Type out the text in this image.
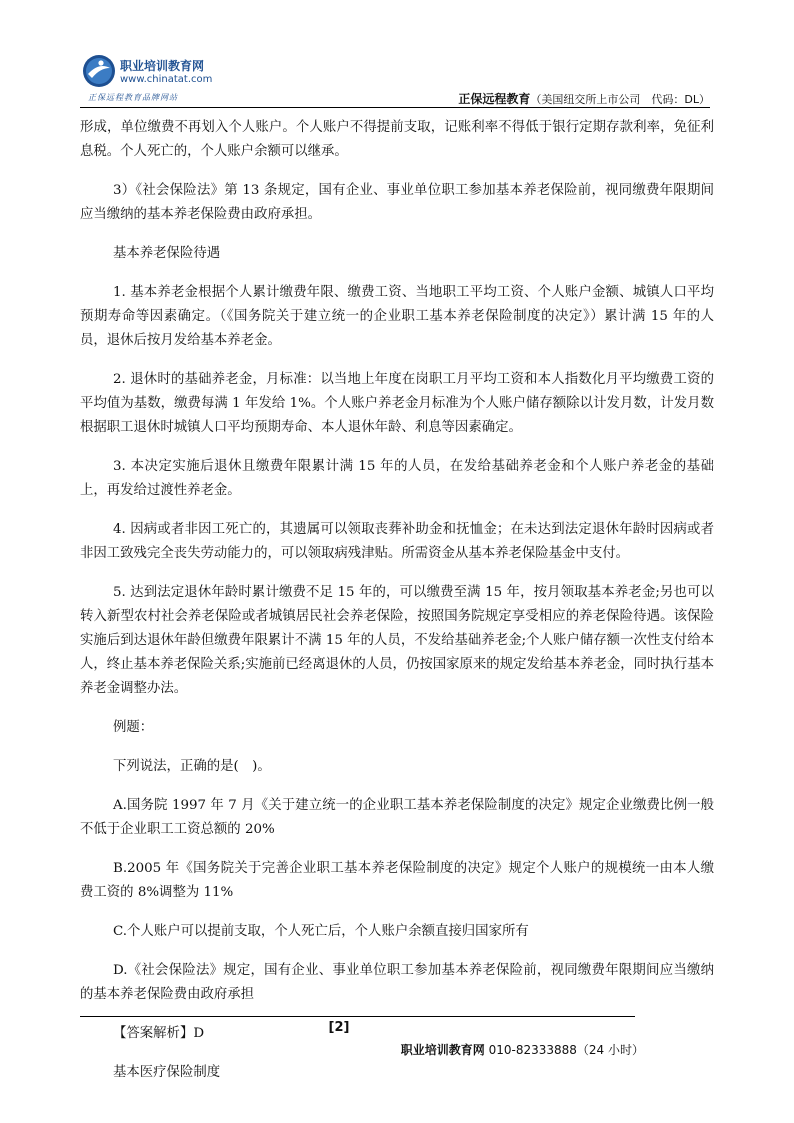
职业培训教育网
www.chinatat.com
正保远程教育品牌网站	正保远程教育（美国纽交所上市公司　代码：DL）

形成，单位缴费不再划入个人账户。个人账户不得提前支取，记账利率不得低于银行定期存款利率，免征利息税。个人死亡的，个人账户余额可以继承。

3）《社会保险法》第 13 条规定，国有企业、事业单位职工参加基本养老保险前，视同缴费年限期间应当缴纳的基本养老保险费由政府承担。

基本养老保险待遇

1. 基本养老金根据个人累计缴费年限、缴费工资、当地职工平均工资、个人账户金额、城镇人口平均预期寿命等因素确定。（《国务院关于建立统一的企业职工基本养老保险制度的决定》）累计满 15 年的人员，退休后按月发给基本养老金。

2. 退休时的基础养老金，月标准：以当地上年度在岗职工月平均工资和本人指数化月平均缴费工资的平均值为基数，缴费每满 1 年发给 1%。个人账户养老金月标准为个人账户储存额除以计发月数，计发月数根据职工退休时城镇人口平均预期寿命、本人退休年龄、利息等因素确定。

3. 本决定实施后退休且缴费年限累计满 15 年的人员，在发给基础养老金和个人账户养老金的基础上，再发给过渡性养老金。

4. 因病或者非因工死亡的，其遗属可以领取丧葬补助金和抚恤金；在未达到法定退休年龄时因病或者非因工致残完全丧失劳动能力的，可以领取病残津贴。所需资金从基本养老保险基金中支付。

5. 达到法定退休年龄时累计缴费不足 15 年的，可以缴费至满 15 年，按月领取基本养老金;另也可以转入新型农村社会养老保险或者城镇居民社会养老保险，按照国务院规定享受相应的养老保险待遇。该保险实施后到达退休年龄但缴费年限累计不满 15 年的人员，不发给基础养老金;个人账户储存额一次性支付给本人，终止基本养老保险关系;实施前已经离退休的人员，仍按国家原来的规定发给基本养老金，同时执行基本养老金调整办法。

例题：

下列说法，正确的是(　)。

A.国务院 1997 年 7 月《关于建立统一的企业职工基本养老保险制度的决定》规定企业缴费比例一般不低于企业职工工资总额的 20%

B.2005 年《国务院关于完善企业职工基本养老保险制度的决定》规定个人账户的规模统一由本人缴费工资的 8%调整为 11%

C.个人账户可以提前支取，个人死亡后，个人账户余额直接归国家所有

D.《社会保险法》规定，国有企业、事业单位职工参加基本养老保险前，视同缴费年限期间应当缴纳的基本养老保险费由政府承担

【答案解析】D

基本医疗保险制度

[2]
职业培训教育网 010-82333888（24 小时）
